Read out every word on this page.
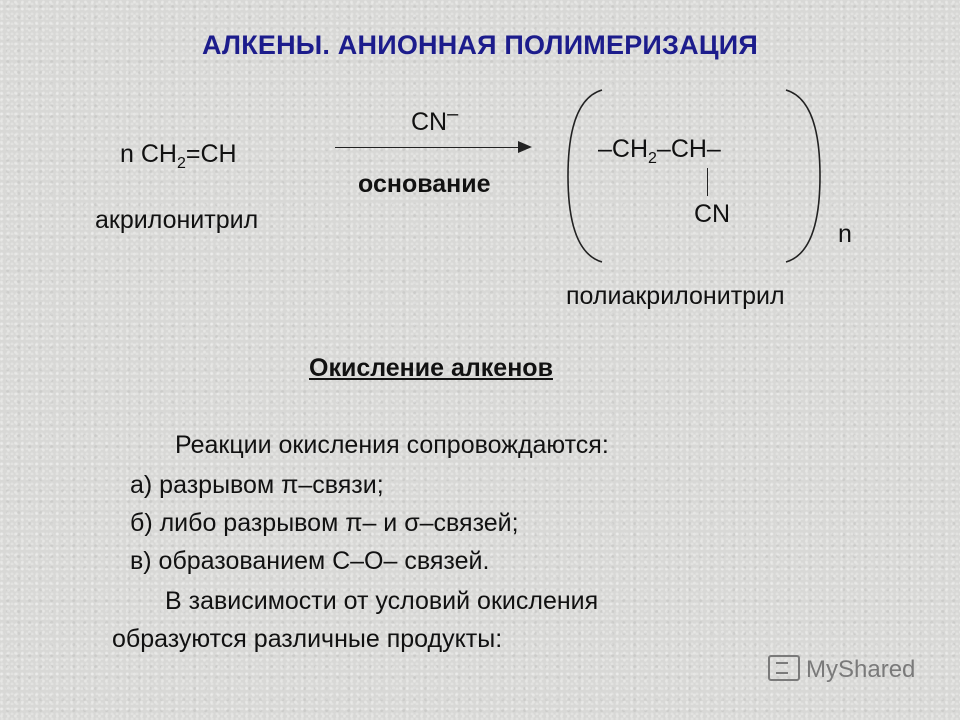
АЛКЕНЫ. АНИОННАЯ ПОЛИМЕРИЗАЦИЯ
n $CH_2=CH$
акрилонитрил
CN–
основание
$-CH_2-CH-$
CN
n
полиакрилонитрил
Окисление алкенов
Реакции окисления сопровождаются:
а) разрывом π–связи;
б) либо разрывом π– и σ–связей;
в) образованием С–О– связей.
В зависимости от условий окисления
образуются различные продукты:
MyShared
